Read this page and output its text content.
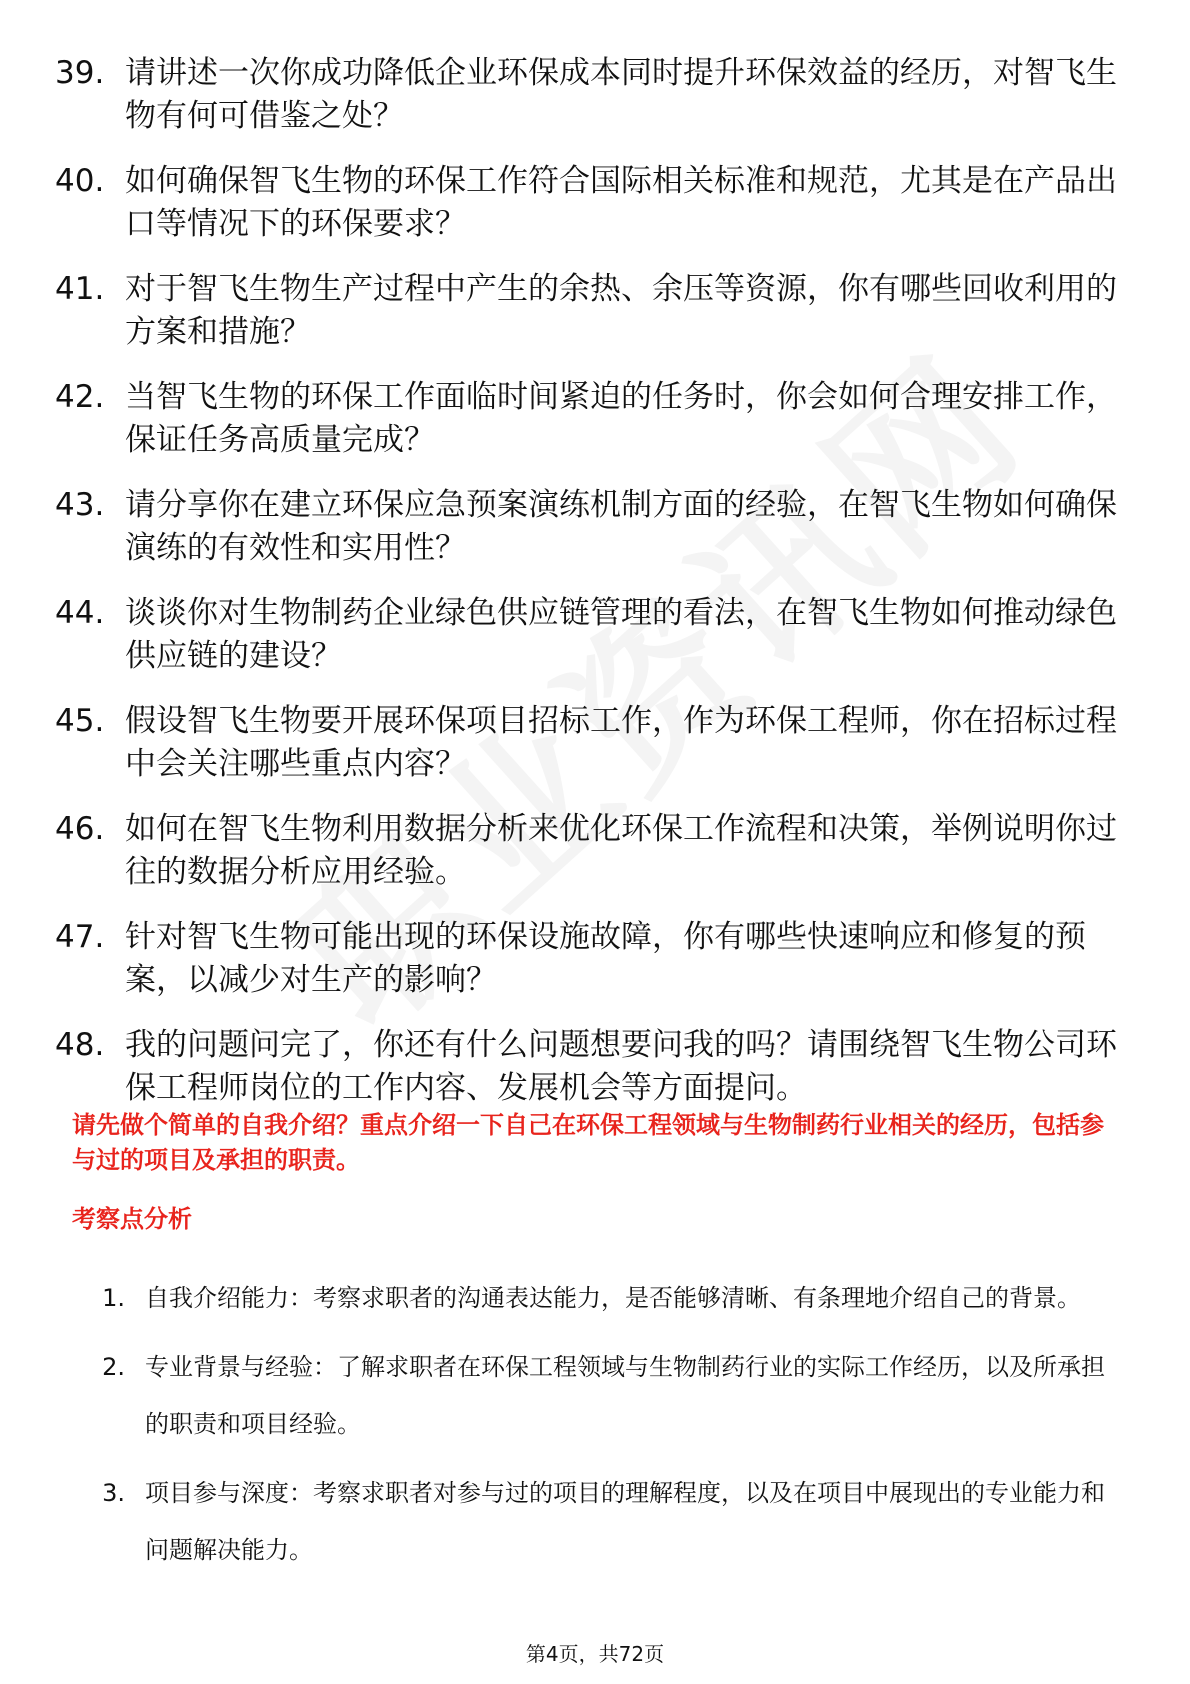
39. 请讲述一次你成功降低企业环保成本同时提升环保效益的经历，对智飞生物有何可借鉴之处？
40. 如何确保智飞生物的环保工作符合国际相关标准和规范，尤其是在产品出口等情况下的环保要求？
41. 对于智飞生物生产过程中产生的余热、余压等资源，你有哪些回收利用的方案和措施？
42. 当智飞生物的环保工作面临时间紧迫的任务时，你会如何合理安排工作，保证任务高质量完成？
43. 请分享你在建立环保应急预案演练机制方面的经验，在智飞生物如何确保演练的有效性和实用性？
44. 谈谈你对生物制药企业绿色供应链管理的看法，在智飞生物如何推动绿色供应链的建设？
45. 假设智飞生物要开展环保项目招标工作，作为环保工程师，你在招标过程中会关注哪些重点内容？
46. 如何在智飞生物利用数据分析来优化环保工作流程和决策，举例说明你过往的数据分析应用经验。
47. 针对智飞生物可能出现的环保设施故障，你有哪些快速响应和修复的预案，以减少对生产的影响？
48. 我的问题问完了，你还有什么问题想要问我的吗？请围绕智飞生物公司环保工程师岗位的工作内容、发展机会等方面提问。
请先做个简单的自我介绍？重点介绍一下自己在环保工程领域与生物制药行业相关的经历，包括参与过的项目及承担的职责。
考察点分析
1. 自我介绍能力：考察求职者的沟通表达能力，是否能够清晰、有条理地介绍自己的背景。
2. 专业背景与经验：了解求职者在环保工程领域与生物制药行业的实际工作经历，以及所承担的职责和项目经验。
3. 项目参与深度：考察求职者对参与过的项目的理解程度，以及在项目中展现出的专业能力和问题解决能力。
第4页，共72页
